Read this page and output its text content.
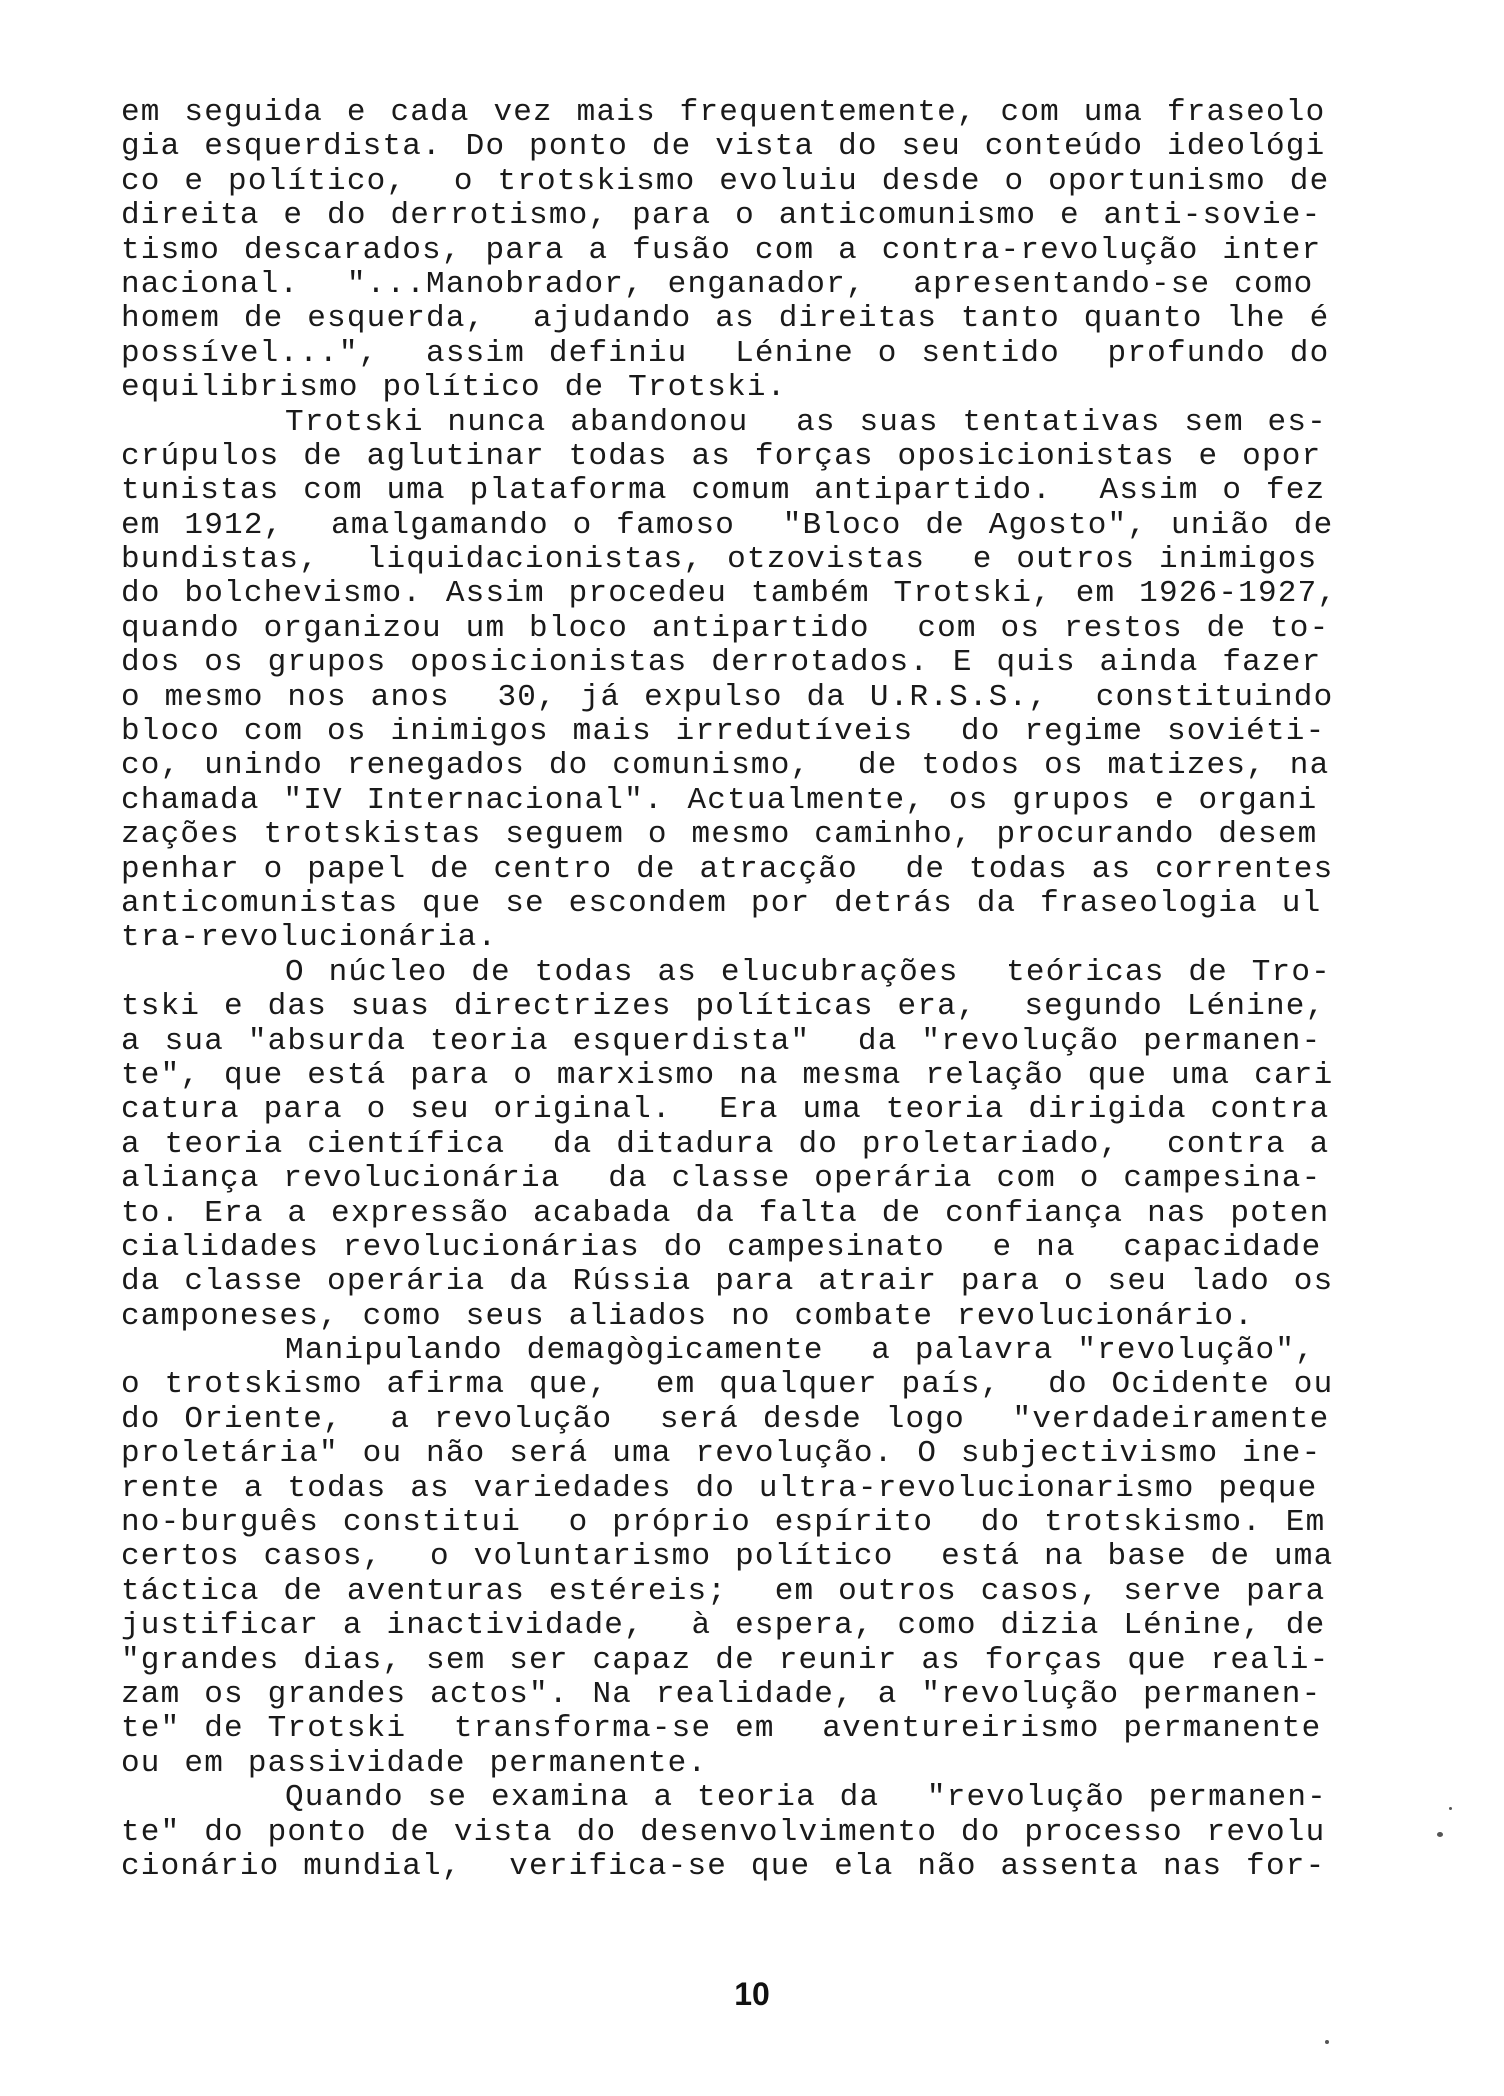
em seguida e cada vez mais frequentemente, com uma fraseolo
gia esquerdista. Do ponto de vista do seu conteúdo ideológi
co e político,  o trotskismo evoluiu desde o oportunismo de
direita e do derrotismo, para o anticomunismo e anti-sovie-
tismo descarados, para a fusão com a contra-revolução inter
nacional.  "...Manobrador, enganador,  apresentando-se como
homem de esquerda,  ajudando as direitas tanto quanto lhe é
possível...",  assim definiu  Lénine o sentido  profundo do
equilibrismo político de Trotski.
Trotski nunca abandonou  as suas tentativas sem es-
crúpulos de aglutinar todas as forças oposicionistas e opor
tunistas com uma plataforma comum antipartido.  Assim o fez
em 1912,  amalgamando o famoso  "Bloco de Agosto", união de
bundistas,  liquidacionistas, otzovistas  e outros inimigos
do bolchevismo. Assim procedeu também Trotski, em 1926-1927,
quando organizou um bloco antipartido  com os restos de to-
dos os grupos oposicionistas derrotados. E quis ainda fazer
o mesmo nos anos  30, já expulso da U.R.S.S.,  constituindo
bloco com os inimigos mais irredutíveis  do regime soviéti-
co, unindo renegados do comunismo,  de todos os matizes, na
chamada "IV Internacional". Actualmente, os grupos e organi
zações trotskistas seguem o mesmo caminho, procurando desem
penhar o papel de centro de atracção  de todas as correntes
anticomunistas que se escondem por detrás da fraseologia ul
tra-revolucionária.
O núcleo de todas as elucubrações  teóricas de Tro-
tski e das suas directrizes políticas era,  segundo Lénine,
a sua "absurda teoria esquerdista"  da "revolução permanen-
te", que está para o marxismo na mesma relação que uma cari
catura para o seu original.  Era uma teoria dirigida contra
a teoria científica  da ditadura do proletariado,  contra a
aliança revolucionária  da classe operária com o campesina-
to. Era a expressão acabada da falta de confiança nas poten
cialidades revolucionárias do campesinato  e na  capacidade
da classe operária da Rússia para atrair para o seu lado os
camponeses, como seus aliados no combate revolucionário.
Manipulando demagògicamente  a palavra "revolução",
o trotskismo afirma que,  em qualquer país,  do Ocidente ou
do Oriente,  a revolução  será desde logo  "verdadeiramente
proletária" ou não será uma revolução. O subjectivismo ine-
rente a todas as variedades do ultra-revolucionarismo peque
no-burguês constitui  o próprio espírito  do trotskismo. Em
certos casos,  o voluntarismo político  está na base de uma
táctica de aventuras estéreis;  em outros casos, serve para
justificar a inactividade,  à espera, como dizia Lénine, de
"grandes dias, sem ser capaz de reunir as forças que reali-
zam os grandes actos". Na realidade, a "revolução permanen-
te" de Trotski  transforma-se em  aventureirismo permanente
ou em passividade permanente.
Quando se examina a teoria da  "revolução permanen-
te" do ponto de vista do desenvolvimento do processo revolu
cionário mundial,  verifica-se que ela não assenta nas for-
10
